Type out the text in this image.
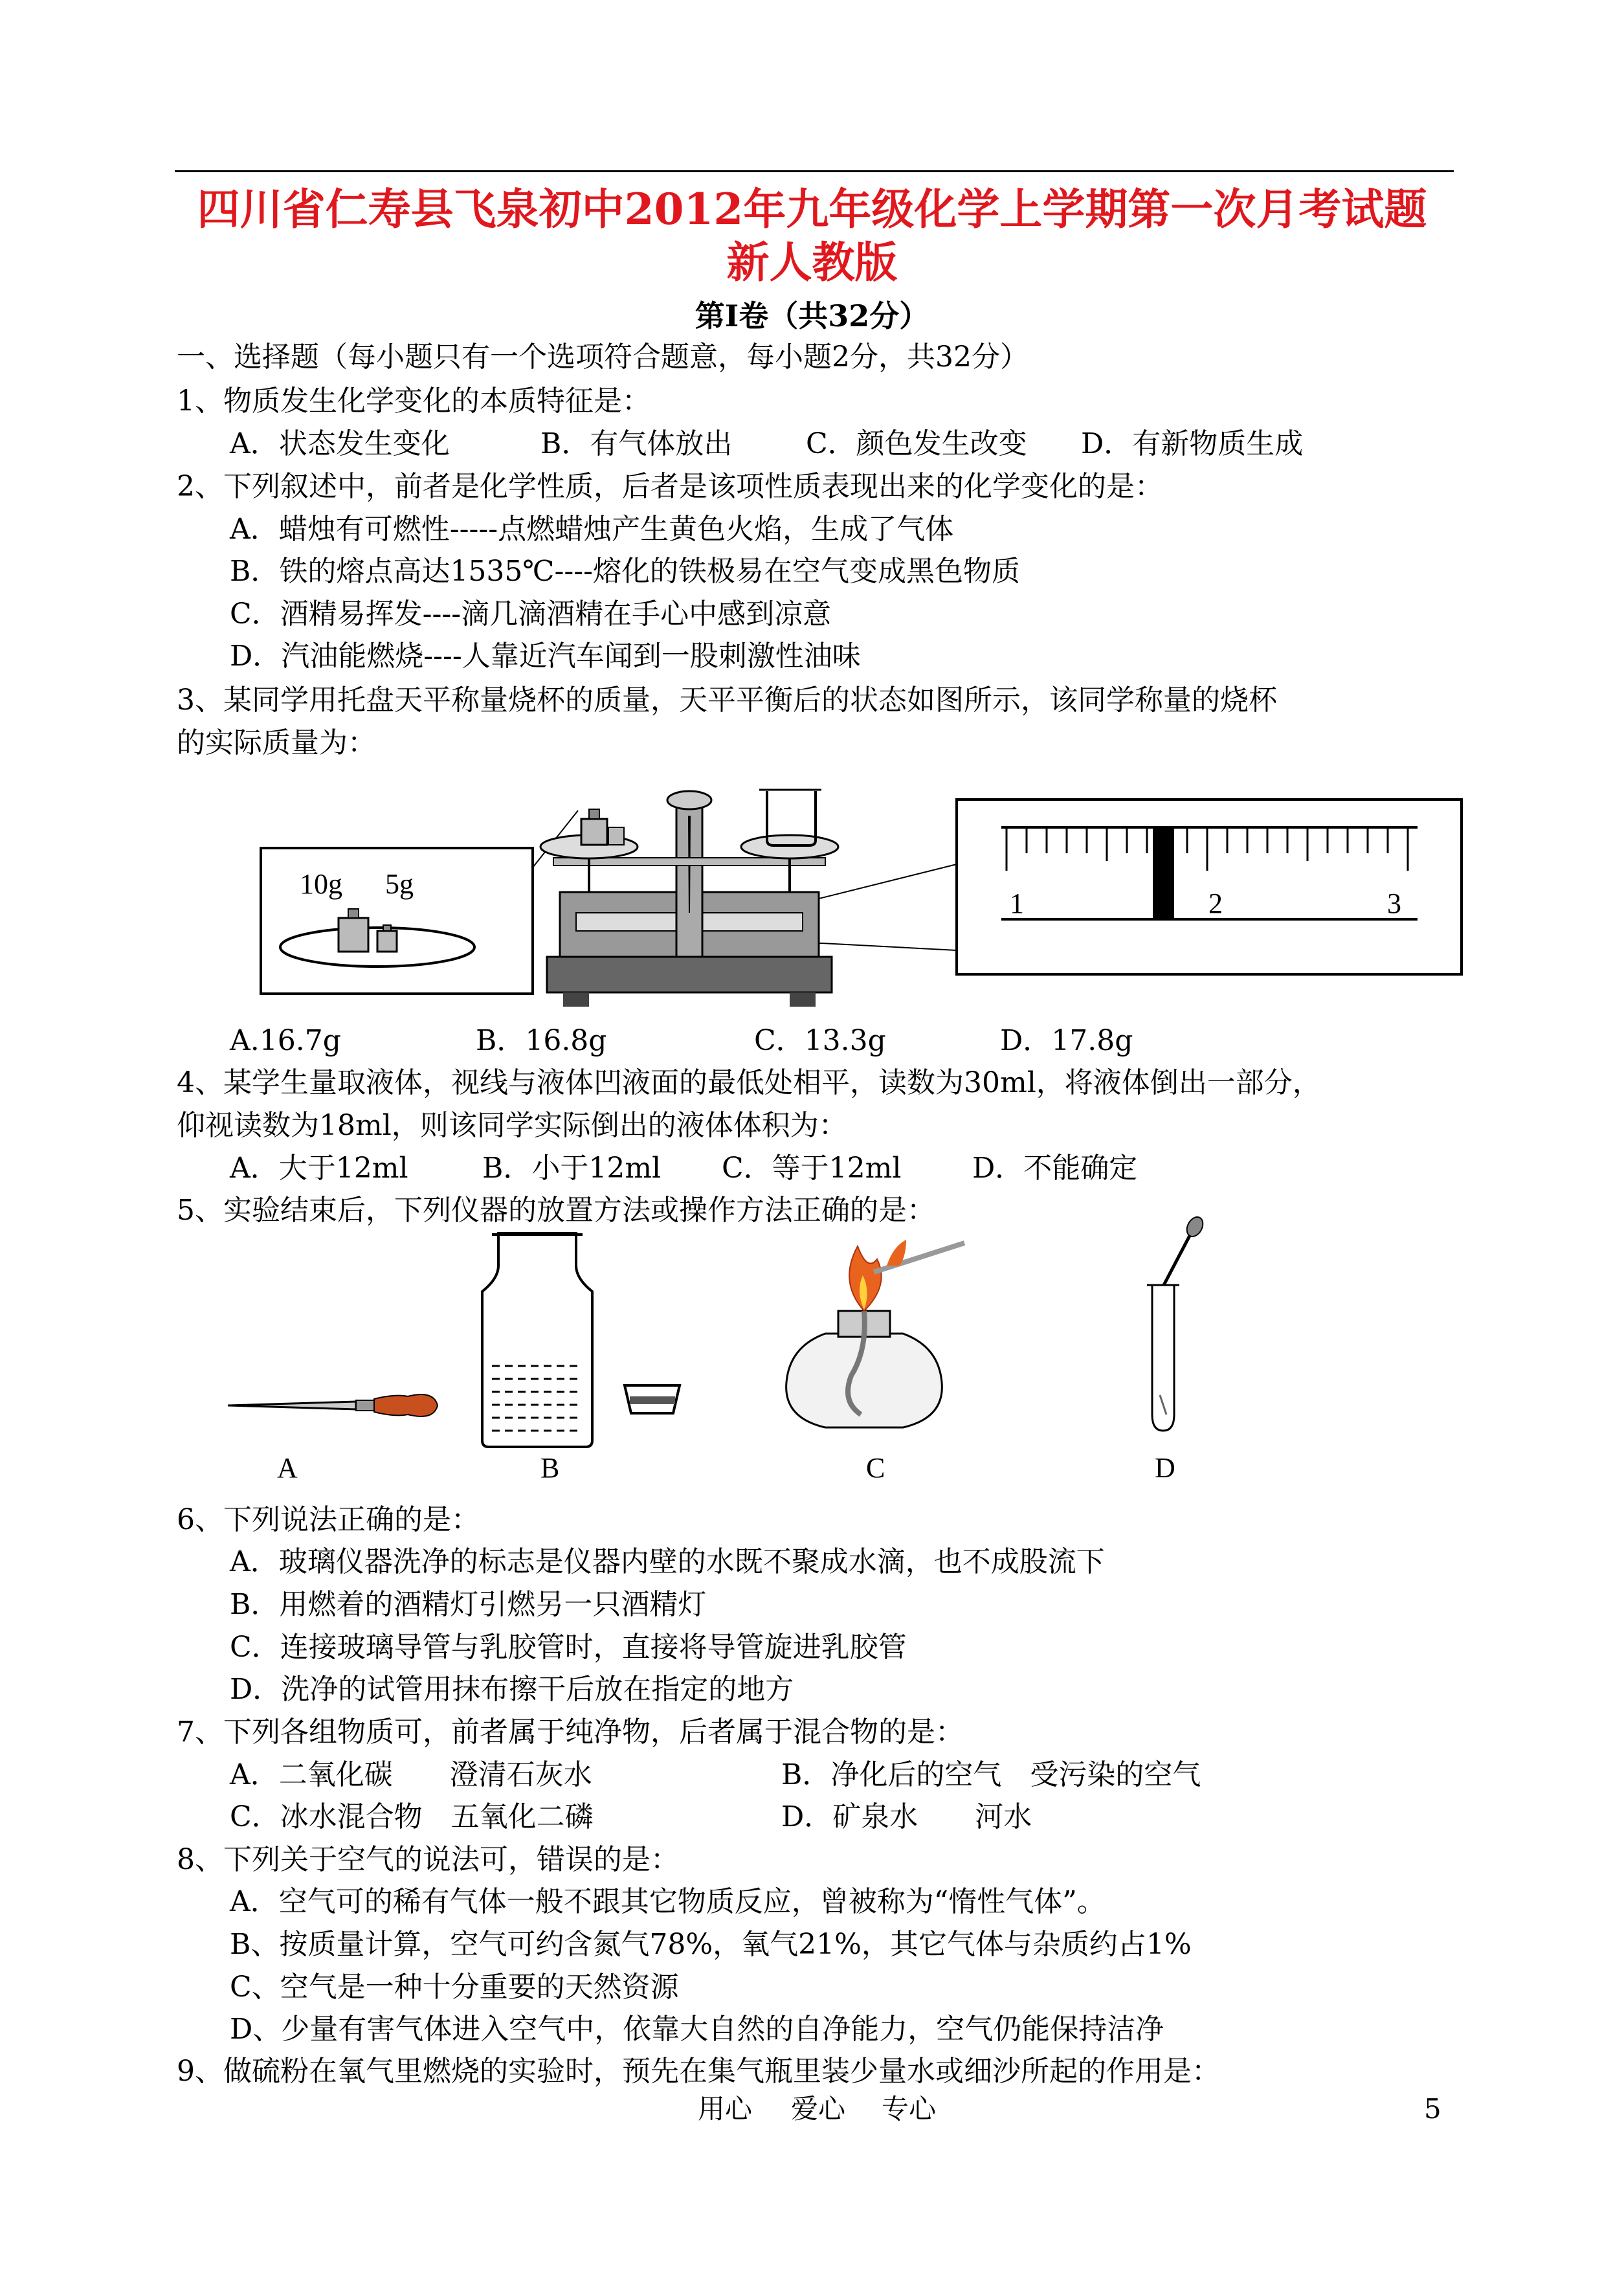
四川省仁寿县飞泉初中2012年九年级化学上学期第一次月考试题
新人教版
第Ⅰ卷（共32分）
一、选择题（每小题只有一个选项符合题意，每小题2分，共32分）
1、物质发生化学变化的本质特征是：
A．状态发生变化	B．有气体放出	C．颜色发生改变 D．有新物质生成
2、下列叙述中，前者是化学性质，后者是该项性质表现出来的化学变化的是：
A．蜡烛有可燃性-----点燃蜡烛产生黄色火焰，生成了气体
B．铁的熔点高达1535℃----熔化的铁极易在空气变成黑色物质
C．酒精易挥发----滴几滴酒精在手心中感到凉意
D．汽油能燃烧----人靠近汽车闻到一股刺激性油味
3、某同学用托盘天平称量烧杯的质量，天平平衡后的状态如图所示，该同学称量的烧杯
的实际质量为：
10g 5g
1	2	3
A.16.7g	B．16.8g	C．13.3g	D．17.8g
4、某学生量取液体，视线与液体凹液面的最低处相平，读数为30ml，将液体倒出一部分，
仰视读数为18ml，则该同学实际倒出的液体体积为：
A．大于12ml	B．小于12ml C．等于12ml D．不能确定
5、实验结束后，下列仪器的放置方法或操作方法正确的是：
A	B	C	D
6、下列说法正确的是：
A．玻璃仪器洗净的标志是仪器内壁的水既不聚成水滴，也不成股流下
B．用燃着的酒精灯引燃另一只酒精灯
C．连接玻璃导管与乳胶管时，直接将导管旋进乳胶管
D．洗净的试管用抹布擦干后放在指定的地方
7、下列各组物质可，前者属于纯净物，后者属于混合物的是：
A．二氧化碳　　澄清石灰水	B．净化后的空气　受污染的空气
C．冰水混合物　五氧化二磷	D．矿泉水　　河水
8、下列关于空气的说法可，错误的是：
A．空气可的稀有气体一般不跟其它物质反应，曾被称为“惰性气体”。
B、按质量计算，空气可约含氮气78%，氧气21%，其它气体与杂质约占1%
C、空气是一种十分重要的天然资源
D、少量有害气体进入空气中，依靠大自然的自净能力，空气仍能保持洁净
9、做硫粉在氧气里燃烧的实验时，预先在集气瓶里装少量水或细沙所起的作用是：
用心 爱心 专心	5
